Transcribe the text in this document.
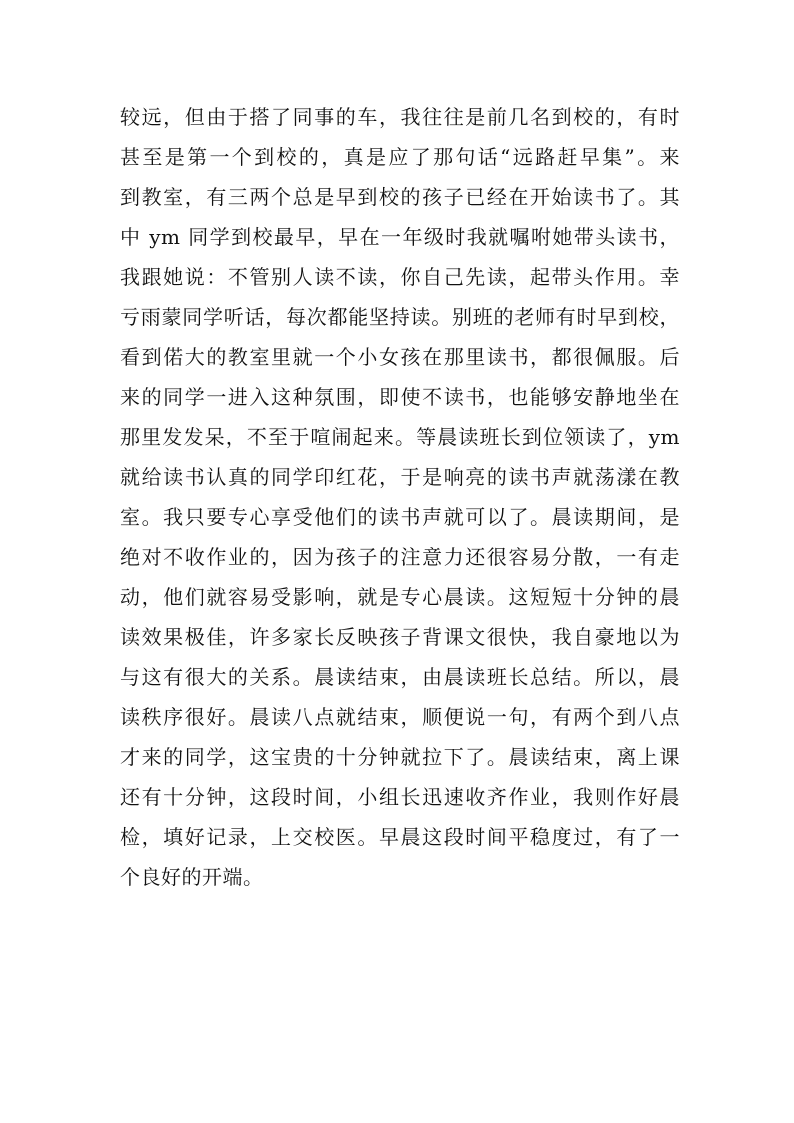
较远，但由于搭了同事的车，我往往是前几名到校的，有时
甚至是第一个到校的，真是应了那句话“远路赶早集”。来
到教室，有三两个总是早到校的孩子已经在开始读书了。其
中 ym 同学到校最早，早在一年级时我就嘱咐她带头读书，
我跟她说：不管别人读不读，你自己先读，起带头作用。幸
亏雨蒙同学听话，每次都能坚持读。别班的老师有时早到校，
看到偌大的教室里就一个小女孩在那里读书，都很佩服。后
来的同学一进入这种氛围，即使不读书，也能够安静地坐在
那里发发呆，不至于喧闹起来。等晨读班长到位领读了，ym
就给读书认真的同学印红花，于是响亮的读书声就荡漾在教
室。我只要专心享受他们的读书声就可以了。晨读期间，是
绝对不收作业的，因为孩子的注意力还很容易分散，一有走
动，他们就容易受影响，就是专心晨读。这短短十分钟的晨
读效果极佳，许多家长反映孩子背课文很快，我自豪地以为
与这有很大的关系。晨读结束，由晨读班长总结。所以，晨
读秩序很好。晨读八点就结束，顺便说一句，有两个到八点
才来的同学，这宝贵的十分钟就拉下了。晨读结束，离上课
还有十分钟，这段时间，小组长迅速收齐作业，我则作好晨
检，填好记录，上交校医。早晨这段时间平稳度过，有了一
个良好的开端。
